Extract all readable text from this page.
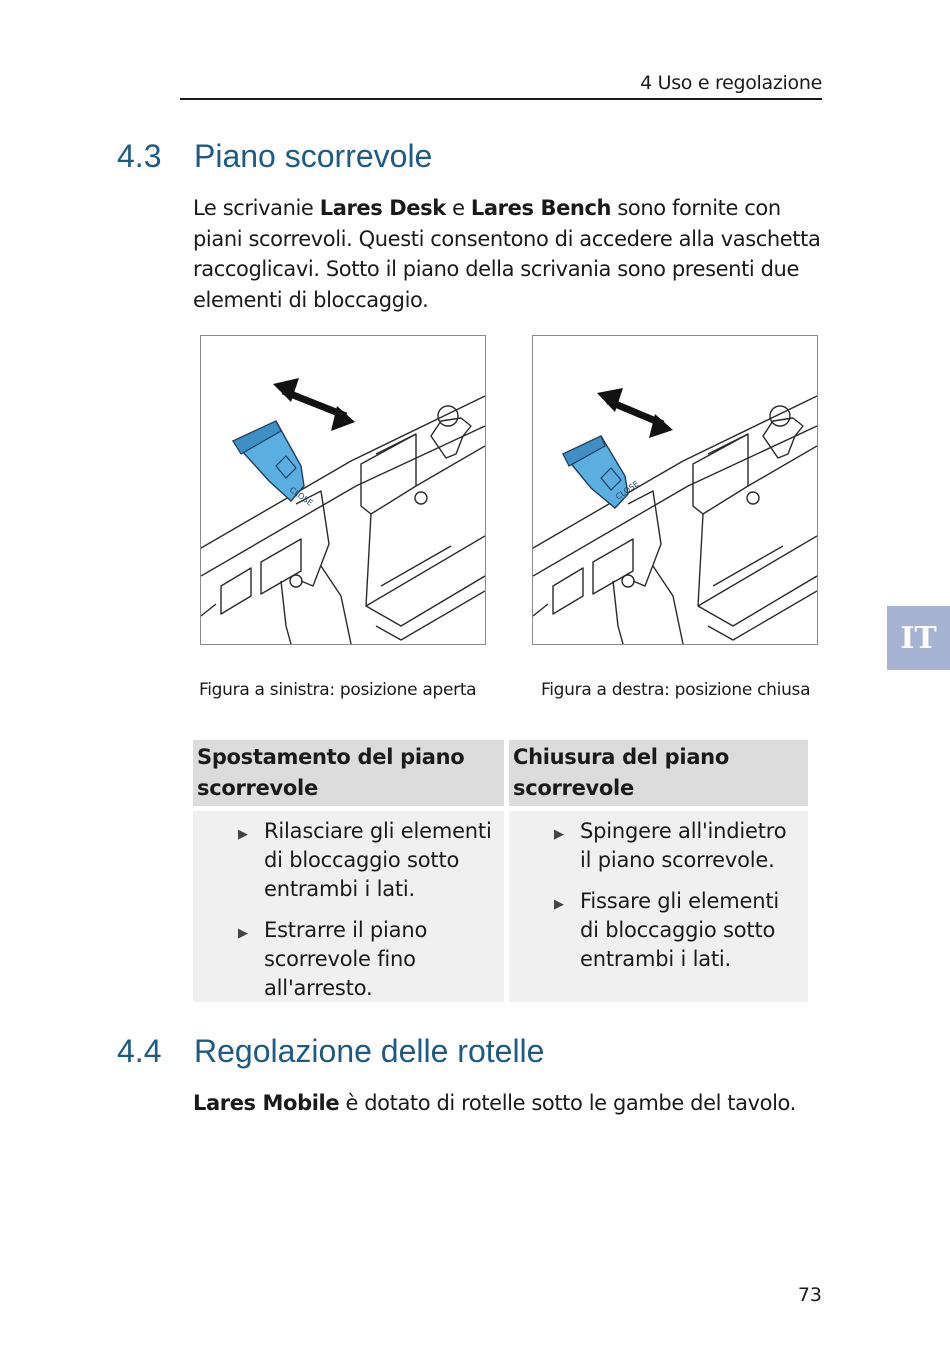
4 Uso e regolazione
4.3 Piano scorrevole

Le scrivanie Lares Desk e Lares Bench sono fornite con piani scorrevoli. Questi consentono di accedere alla vaschetta raccoglicavi. Sotto il piano della scrivania sono presenti due elementi di bloccaggio.

CLOSE	CLOSE
Figura a sinistra: posizione aperta	Figura a destra: posizione chiusa
IT
Spostamento del piano scorrevole
▶ Rilasciare gli elementi di bloccaggio sotto entrambi i lati.
▶ Estrarre il piano scorrevole fino all'arresto.
Chiusura del piano scorrevole
▶ Spingere all'indietro il piano scorrevole.
▶ Fissare gli elementi di bloccaggio sotto entrambi i lati.
4.4 Regolazione delle rotelle

Lares Mobile è dotato di rotelle sotto le gambe del tavolo.

73
